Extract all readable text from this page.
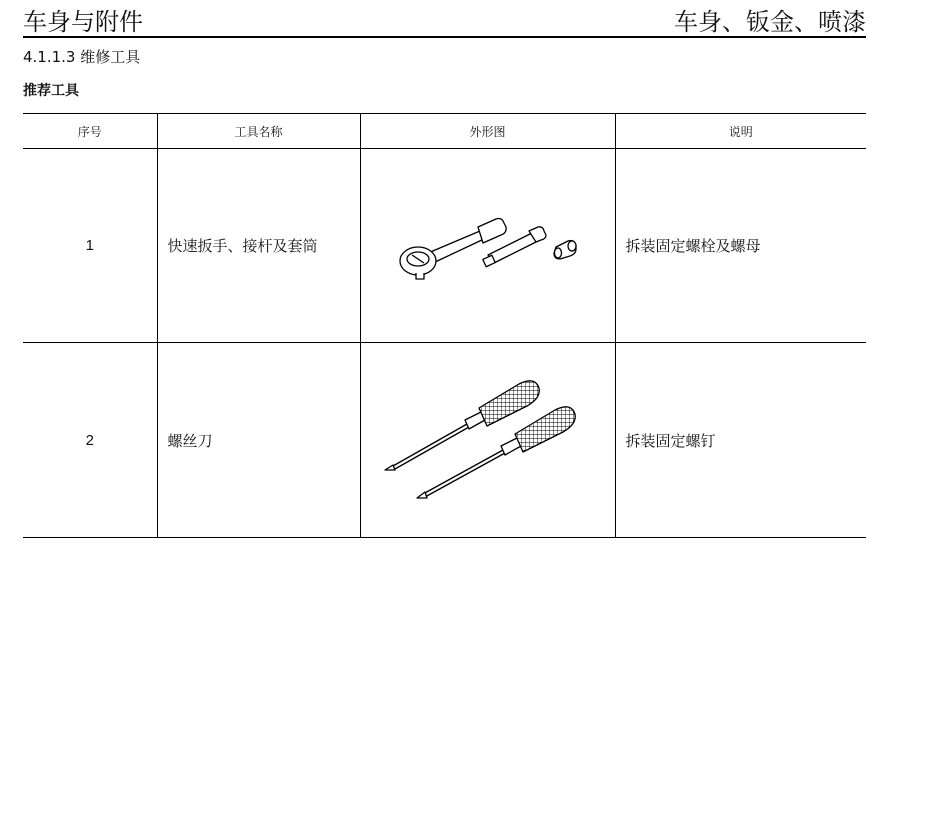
车身与附件	车身、钣金、喷漆
4.1.1.3 维修工具
推荐工具
序号	工具名称	外形图	说明
1	快速扳手、接杆及套筒		拆装固定螺栓及螺母
2	螺丝刀		拆装固定螺钉
